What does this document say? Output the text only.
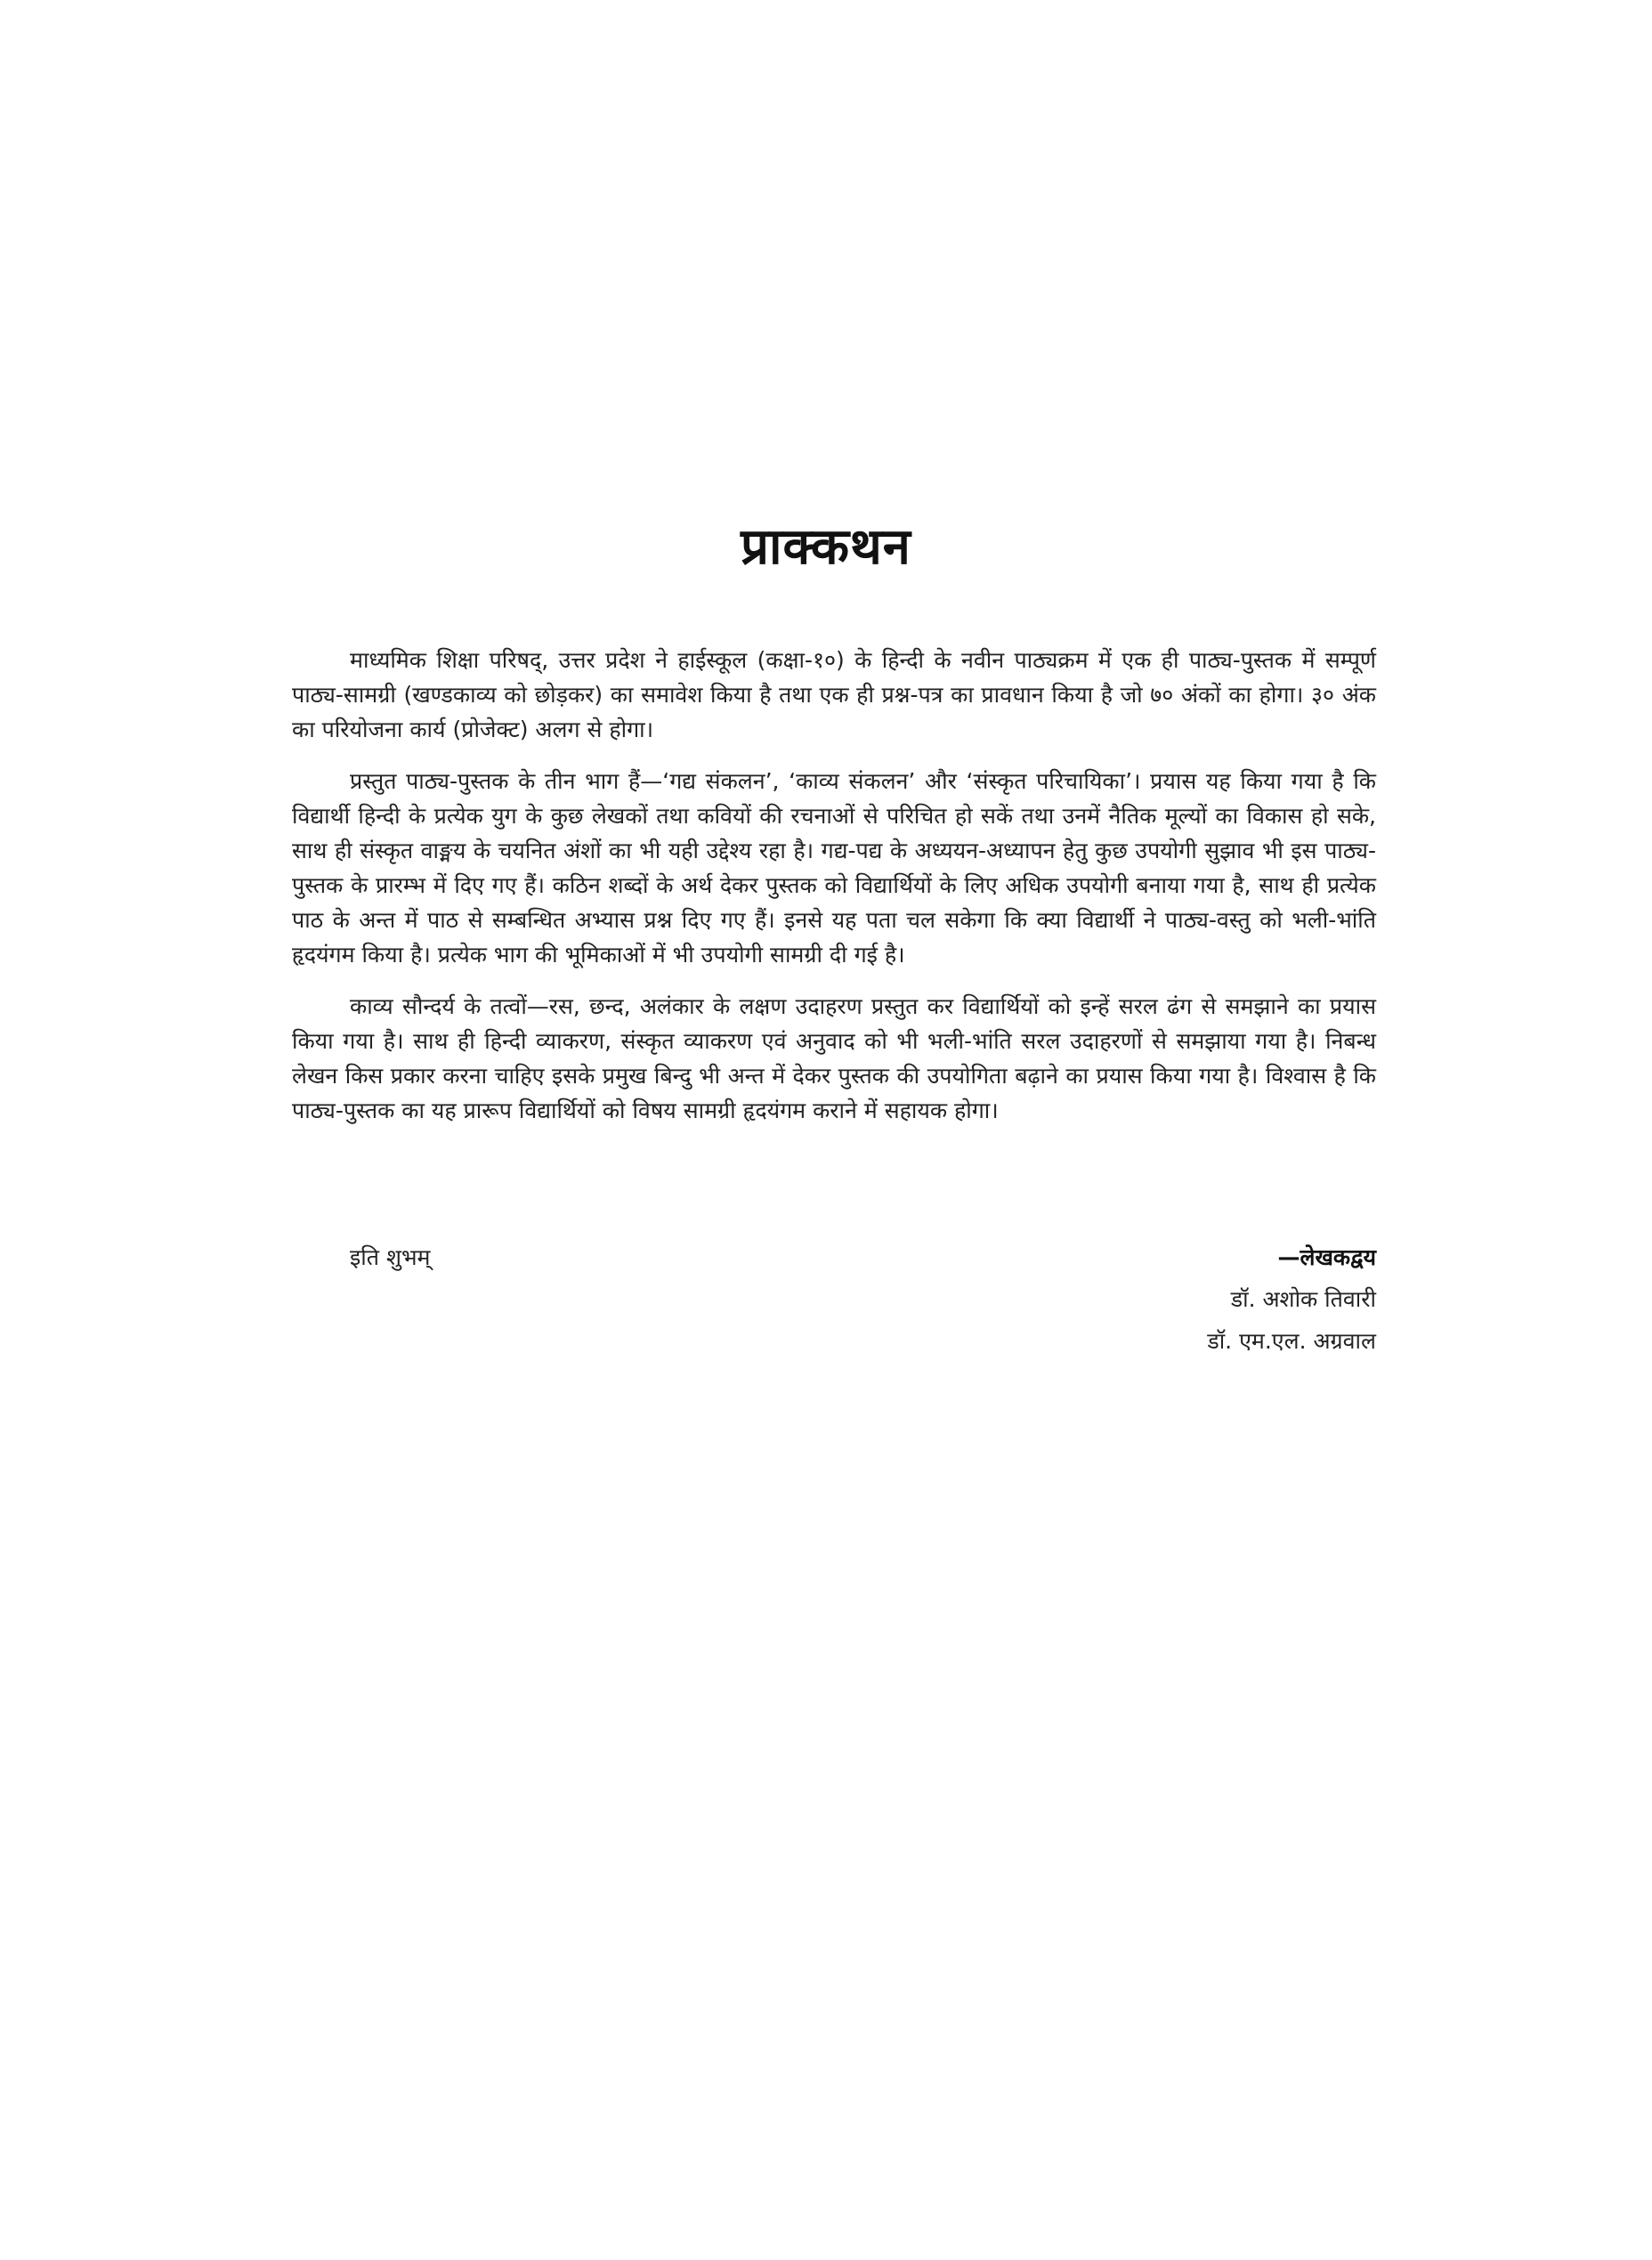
प्राक्कथन

माध्यमिक शिक्षा परिषद्, उत्तर प्रदेश ने हाईस्कूल (कक्षा-१०) के हिन्दी के नवीन पाठ्यक्रम में एक ही पाठ्य-पुस्तक में सम्पूर्ण पाठ्य-सामग्री (खण्डकाव्य को छोड़कर) का समावेश किया है तथा एक ही प्रश्न-पत्र का प्रावधान किया है जो ७० अंकों का होगा। ३० अंक का परियोजना कार्य (प्रोजेक्ट) अलग से होगा।

प्रस्तुत पाठ्य-पुस्तक के तीन भाग हैं—‘गद्य संकलन’, ‘काव्य संकलन’ और ‘संस्कृत परिचायिका’। प्रयास यह किया गया है कि विद्यार्थी हिन्दी के प्रत्येक युग के कुछ लेखकों तथा कवियों की रचनाओं से परिचित हो सकें तथा उनमें नैतिक मूल्यों का विकास हो सके, साथ ही संस्कृत वाङ्मय के चयनित अंशों का भी यही उद्देश्य रहा है। गद्य-पद्य के अध्ययन-अध्यापन हेतु कुछ उपयोगी सुझाव भी इस पाठ्य-पुस्तक के प्रारम्भ में दिए गए हैं। कठिन शब्दों के अर्थ देकर पुस्तक को विद्यार्थियों के लिए अधिक उपयोगी बनाया गया है, साथ ही प्रत्येक पाठ के अन्त में पाठ से सम्बन्धित अभ्यास प्रश्न दिए गए हैं। इनसे यह पता चल सकेगा कि क्या विद्यार्थी ने पाठ्य-वस्तु को भली-भांति हृदयंगम किया है। प्रत्येक भाग की भूमिकाओं में भी उपयोगी सामग्री दी गई है।

काव्य सौन्दर्य के तत्वों—रस, छन्द, अलंकार के लक्षण उदाहरण प्रस्तुत कर विद्यार्थियों को इन्हें सरल ढंग से समझाने का प्रयास किया गया है। साथ ही हिन्दी व्याकरण, संस्कृत व्याकरण एवं अनुवाद को भी भली-भांति सरल उदाहरणों से समझाया गया है। निबन्ध लेखन किस प्रकार करना चाहिए इसके प्रमुख बिन्दु भी अन्त में देकर पुस्तक की उपयोगिता बढ़ाने का प्रयास किया गया है। विश्वास है कि पाठ्य-पुस्तक का यह प्रारूप विद्यार्थियों को विषय सामग्री हृदयंगम कराने में सहायक होगा।

इति शुभम्	—लेखकद्वय
डॉ. अशोक तिवारी
डॉ. एम.एल. अग्रवाल
